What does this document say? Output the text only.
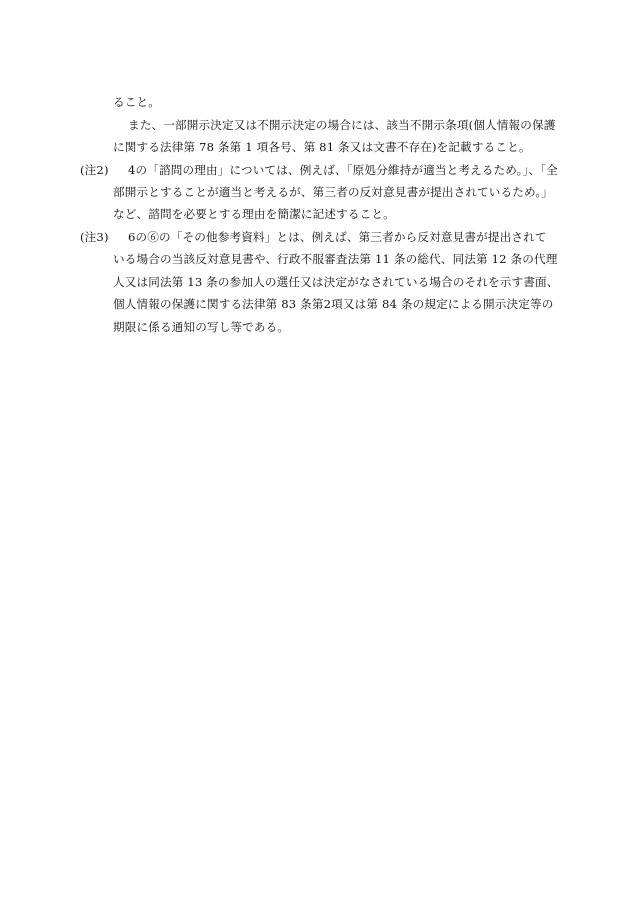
ること。
また、一部開示決定又は不開示決定の場合には、該当不開示条項(個人情報の保護
に関する法律第 78 条第 1 項各号、第 81 条又は文書不存在)を記載すること。
(注2) 4の「諮問の理由」については、例えば、「原処分維持が適当と考えるため。」、「全
部開示とすることが適当と考えるが、第三者の反対意見書が提出されているため。」
など、諮問を必要とする理由を簡潔に記述すること。
(注3) 6の⑥の「その他参考資料」とは、例えば、第三者から反対意見書が提出されて
いる場合の当該反対意見書や、行政不服審査法第 11 条の総代、同法第 12 条の代理
人又は同法第 13 条の参加人の選任又は決定がなされている場合のそれを示す書面、
個人情報の保護に関する法律第 83 条第2項又は第 84 条の規定による開示決定等の
期限に係る通知の写し等である。
